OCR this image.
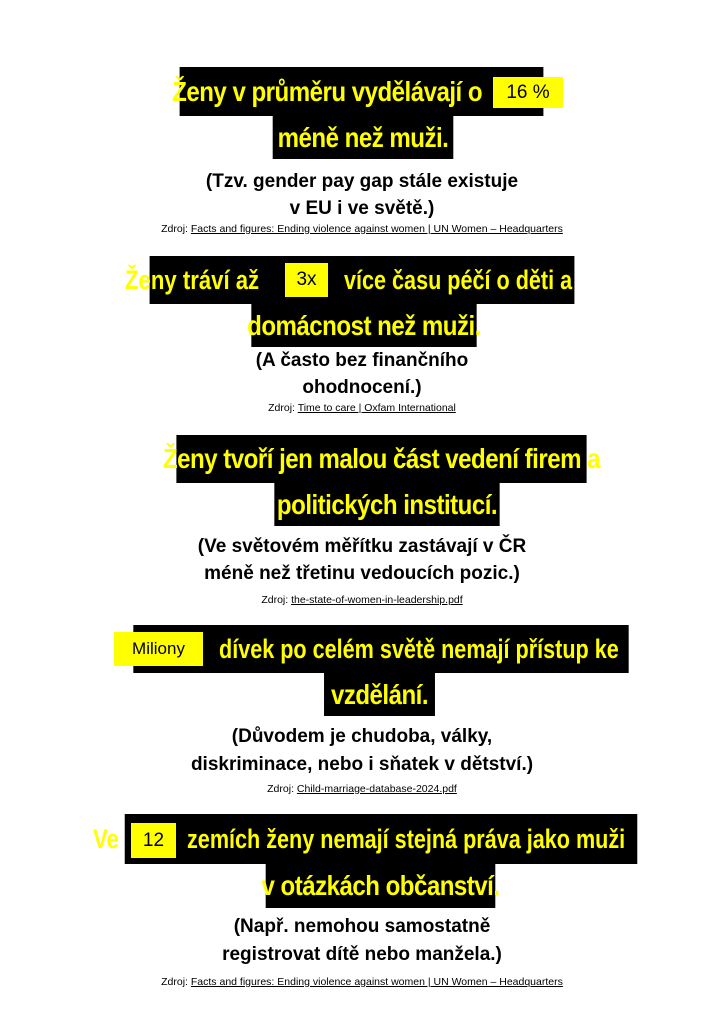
Ženy v průměru vydělávají o 16 %
méně než muži.
(Tzv. gender pay gap stále existuje
v EU i ve světě.)
Zdroj: Facts and figures: Ending violence against women | UN Women – Headquarters
Ženy tráví až 3x více času péčí o děti a
domácnost než muži.
(A často bez finančního
ohodnocení.)
Zdroj: Time to care | Oxfam International
Ženy tvoří jen malou část vedení firem a
politických institucí.
(Ve světovém měřítku zastávají v ČR
méně než třetinu vedoucích pozic.)
Zdroj: the-state-of-women-in-leadership.pdf
Miliony dívek po celém světě nemají přístup ke
vzdělání.
(Důvodem je chudoba, války,
diskriminace, nebo i sňatek v dětství.)
Zdroj: Child-marriage-database-2024.pdf
Ve 12 zemích ženy nemají stejná práva jako muži
v otázkách občanství.
(Např. nemohou samostatně
registrovat dítě nebo manžela.)
Zdroj: Facts and figures: Ending violence against women | UN Women – Headquarters
